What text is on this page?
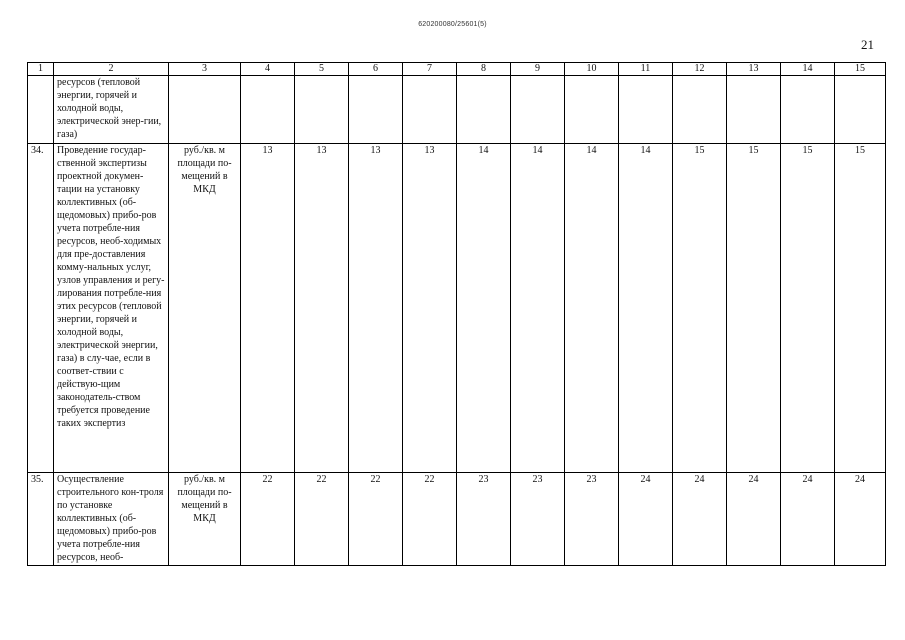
620200080/25601(5)
21
1	2	3	4	5	6	7	8	9	10	11	12	13	14	15
	ресурсов (тепловой энергии, горячей и холодной воды, электрической энер-гии, газа)													
34.	Проведение государ-ственной экспертизы проектной докумен-тации на установку коллективных (об-щедомовых) прибо-ров учета потребле-ния ресурсов, необ-ходимых для пре-доставления комму-нальных услуг, узлов управления и регу-лирования потребле-ния этих ресурсов (тепловой энергии, горячей и холодной воды, электрической энергии, газа) в слу-чае, если в соответ-ствии с действую-щим законодатель-ством требуется проведение таких экспертиз	руб./кв. м площади по-мещений в МКД	13	13	13	13	14	14	14	14	15	15	15	15
35.	Осуществление строительного кон-троля по установке коллективных (об-щедомовых) прибо-ров учета потребле-ния ресурсов, необ-	руб./кв. м площади по-мещений в МКД	22	22	22	22	23	23	23	24	24	24	24	24
